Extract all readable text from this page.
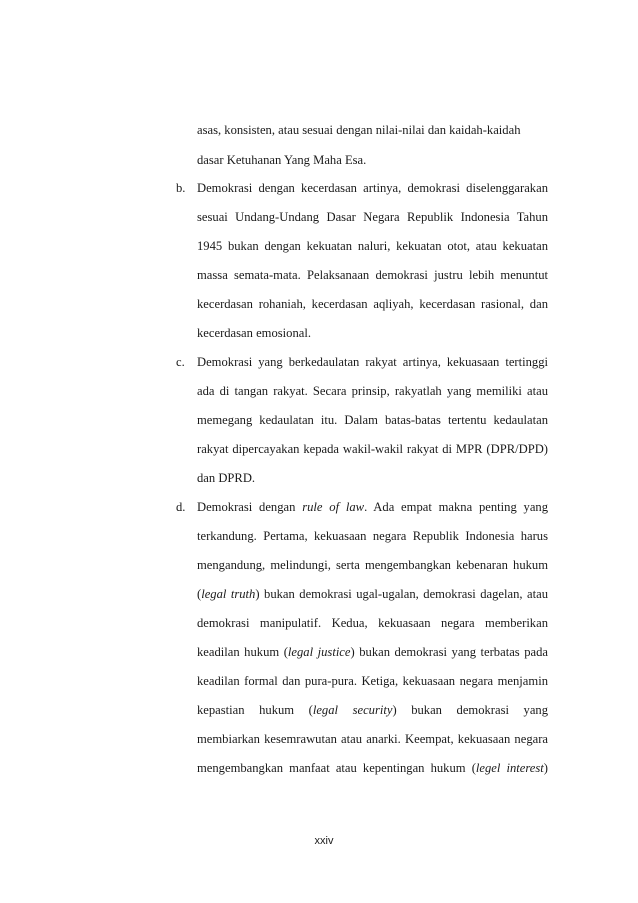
asas, konsisten, atau sesuai dengan nilai-nilai dan kaidah-kaidah
dasar Ketuhanan Yang Maha Esa.
b. Demokrasi dengan kecerdasan artinya, demokrasi diselenggarakan
sesuai Undang-Undang Dasar Negara Republik Indonesia Tahun
1945 bukan dengan kekuatan naluri, kekuatan otot, atau kekuatan
massa semata-mata. Pelaksanaan demokrasi justru lebih menuntut
kecerdasan rohaniah, kecerdasan aqliyah, kecerdasan rasional, dan
kecerdasan emosional.
c. Demokrasi yang berkedaulatan rakyat artinya, kekuasaan tertinggi
ada di tangan rakyat. Secara prinsip, rakyatlah yang memiliki atau
memegang kedaulatan itu. Dalam batas-batas tertentu kedaulatan
rakyat dipercayakan kepada wakil-wakil rakyat di MPR (DPR/DPD)
dan DPRD.
d. Demokrasi dengan rule of law. Ada empat makna penting yang
terkandung. Pertama, kekuasaan negara Republik Indonesia harus
mengandung, melindungi, serta mengembangkan kebenaran hukum
(legal truth) bukan demokrasi ugal-ugalan, demokrasi dagelan, atau
demokrasi manipulatif. Kedua, kekuasaan negara memberikan
keadilan hukum (legal justice) bukan demokrasi yang terbatas pada
keadilan formal dan pura-pura. Ketiga, kekuasaan negara menjamin
kepastian hukum (legal security) bukan demokrasi yang
membiarkan kesemrawutan atau anarki. Keempat, kekuasaan negara
mengembangkan manfaat atau kepentingan hukum (legel interest)
xxiv
